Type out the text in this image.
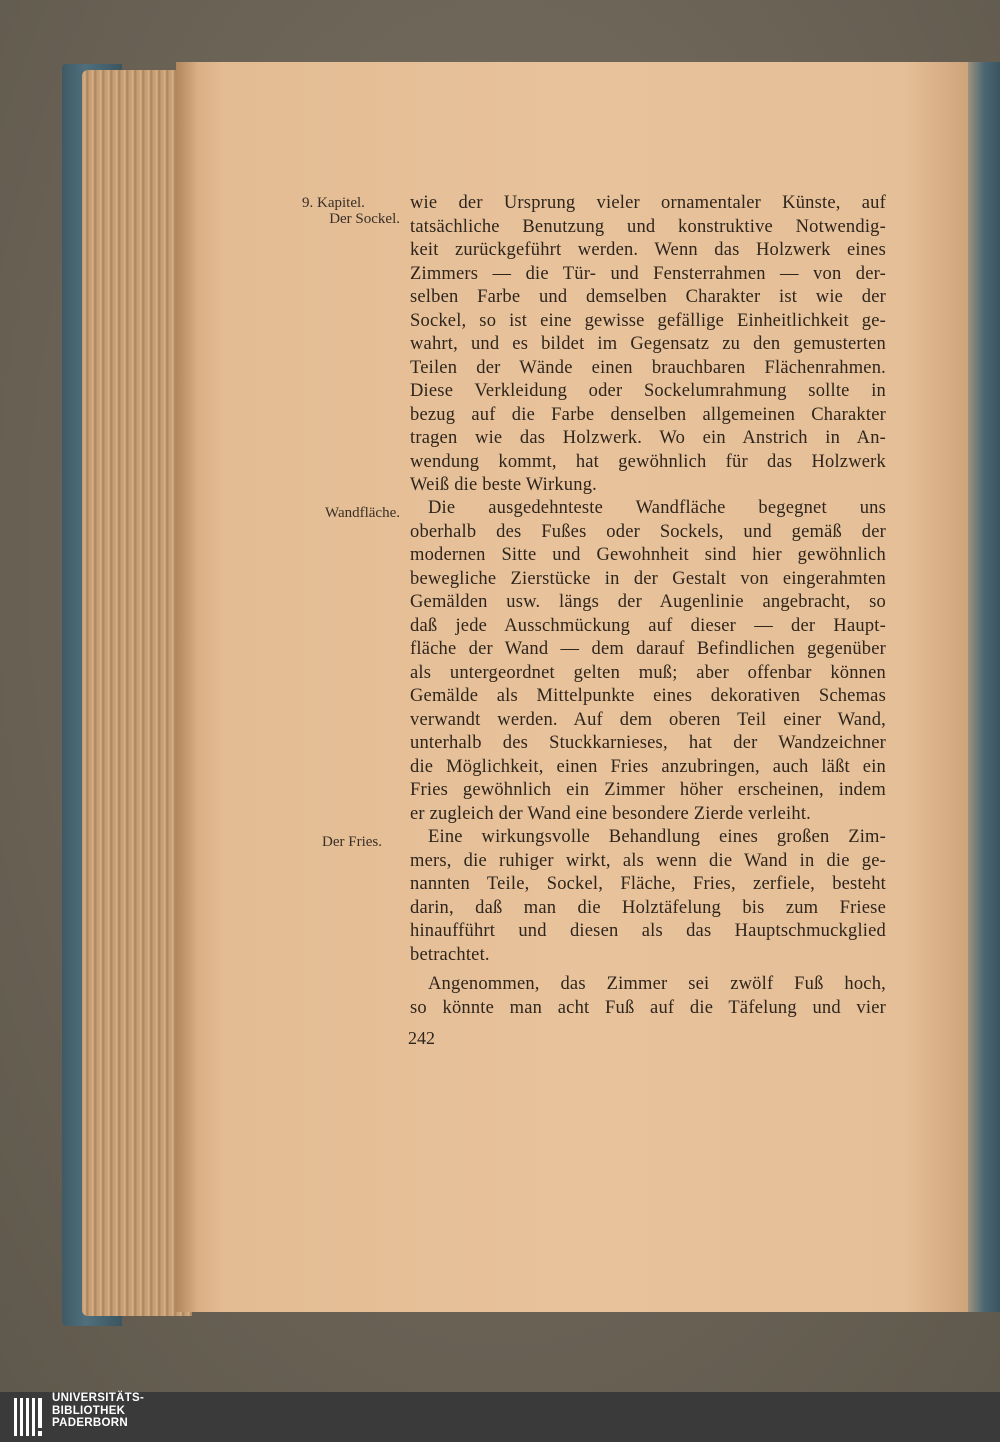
9. Kapitel.
Der Sockel.
Wandfläche.
Der Fries.
wie der Ursprung vieler ornamentaler Künste, auf
tatsächliche Benutzung und konstruktive Notwendig-
keit zurückgeführt werden. Wenn das Holzwerk eines
Zimmers — die Tür- und Fensterrahmen — von der-
selben Farbe und demselben Charakter ist wie der
Sockel, so ist eine gewisse gefällige Einheitlichkeit ge-
wahrt, und es bildet im Gegensatz zu den gemusterten
Teilen der Wände einen brauchbaren Flächenrahmen.
Diese Verkleidung oder Sockelumrahmung sollte in
bezug auf die Farbe denselben allgemeinen Charakter
tragen wie das Holzwerk. Wo ein Anstrich in An-
wendung kommt, hat gewöhnlich für das Holzwerk
Weiß die beste Wirkung.
Die ausgedehnteste Wandfläche begegnet uns
oberhalb des Fußes oder Sockels, und gemäß der
modernen Sitte und Gewohnheit sind hier gewöhnlich
bewegliche Zierstücke in der Gestalt von eingerahmten
Gemälden usw. längs der Augenlinie angebracht, so
daß jede Ausschmückung auf dieser — der Haupt-
fläche der Wand — dem darauf Befindlichen gegenüber
als untergeordnet gelten muß; aber offenbar können
Gemälde als Mittelpunkte eines dekorativen Schemas
verwandt werden. Auf dem oberen Teil einer Wand,
unterhalb des Stuckkarnieses, hat der Wandzeichner
die Möglichkeit, einen Fries anzubringen, auch läßt ein
Fries gewöhnlich ein Zimmer höher erscheinen, indem
er zugleich der Wand eine besondere Zierde verleiht.
Eine wirkungsvolle Behandlung eines großen Zim-
mers, die ruhiger wirkt, als wenn die Wand in die ge-
nannten Teile, Sockel, Fläche, Fries, zerfiele, besteht
darin, daß man die Holztäfelung bis zum Friese
hinaufführt und diesen als das Hauptschmuckglied
betrachtet.
Angenommen, das Zimmer sei zwölf Fuß hoch,
so könnte man acht Fuß auf die Täfelung und vier
242
UNIVERSITÄTS-
BIBLIOTHEK
PADERBORN
